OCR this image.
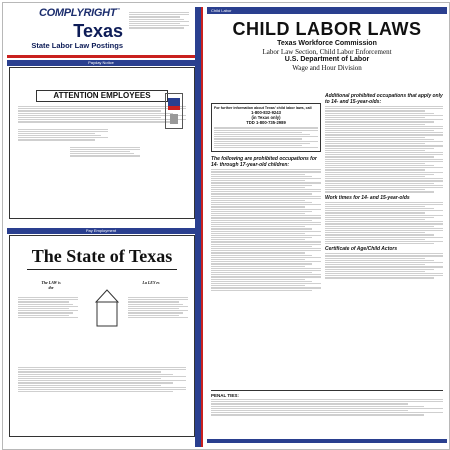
COMPLYRIGHT™
Texas
State Labor Law Postings
Payday Notice
ATTENTION EMPLOYEES
Pay Employment
The State of Texas
The LAW is the
La LEY es
Child Labor
CHILD LABOR LAWS
Texas Workforce Commission
Labor Law Section, Child Labor Enforcement
U.S. Department of Labor
Wage and Hour Division
For further information about Texas' child labor laws, call
1-800-832-9243
(in Texas only)
TDD 1-800-735-2989
The following are prohibited occupations for 14- through 17-year-old children:
Additional prohibited occupations that apply only to 14- and 15-year-olds:
Work times for 14- and 15-year-olds
Certificate of Age/Child Actors
PENAL TIES:
